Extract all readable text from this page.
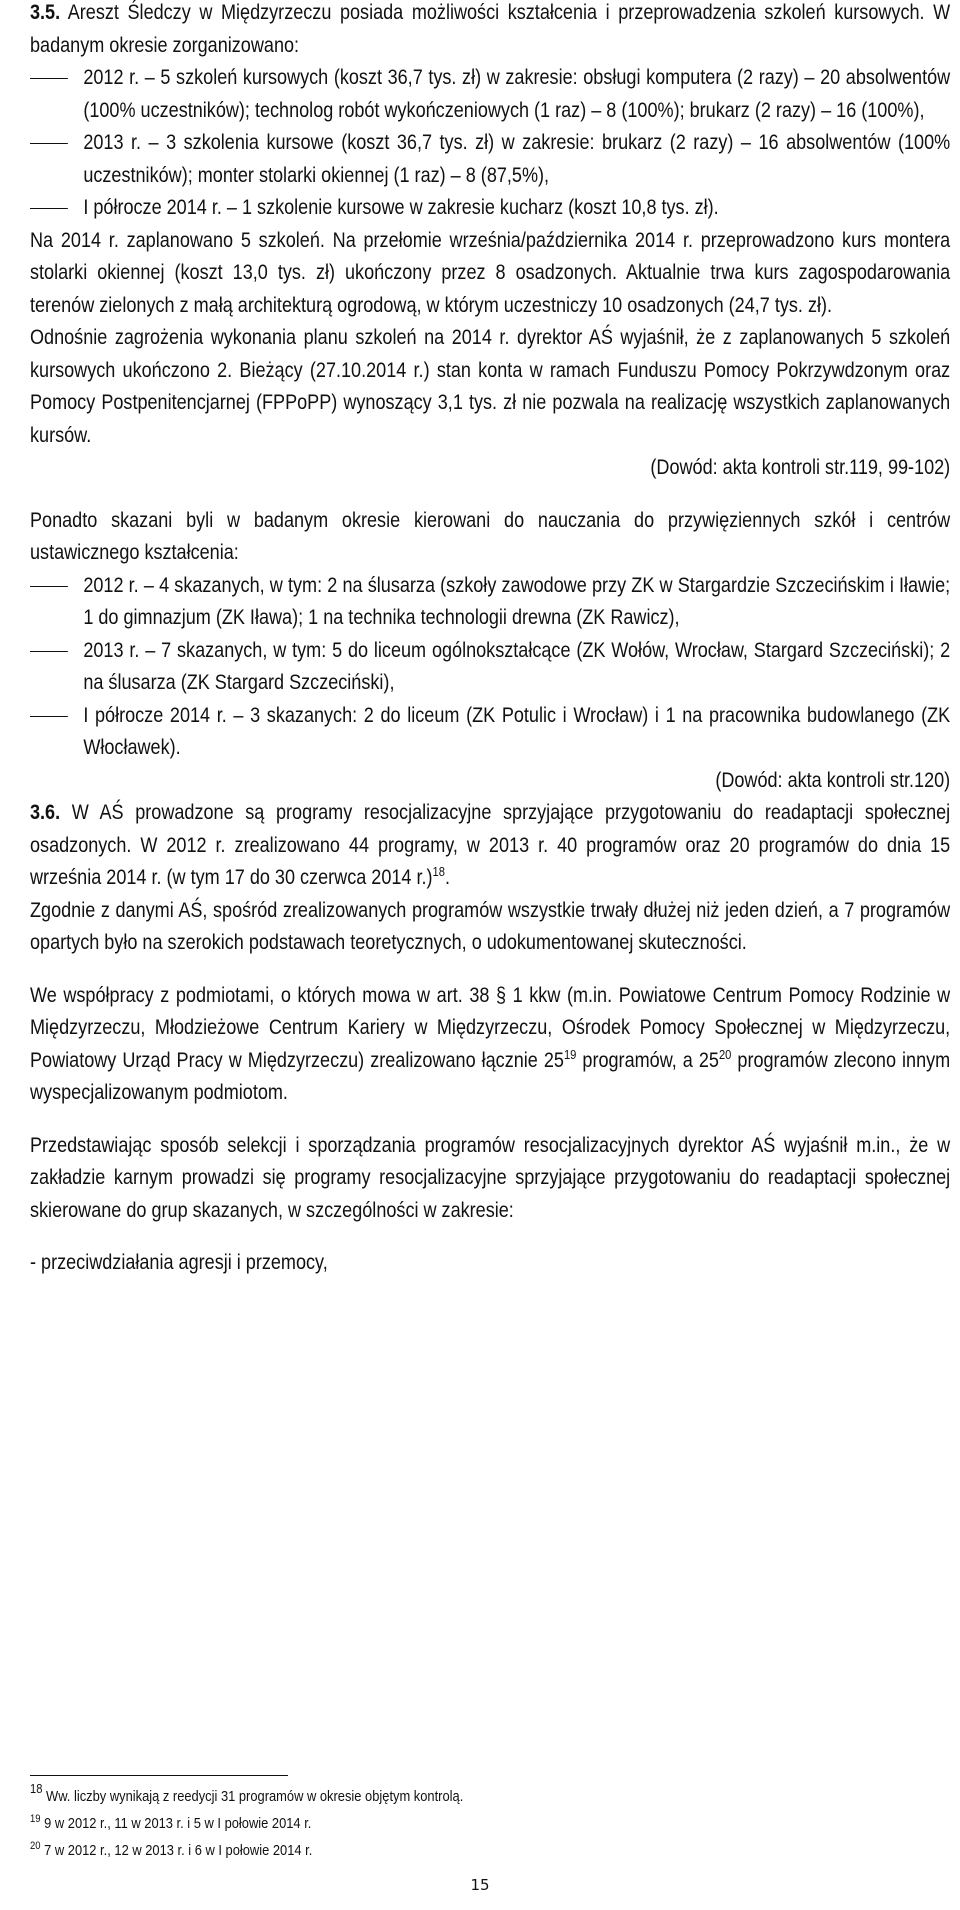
3.5. Areszt Śledczy w Międzyrzeczu posiada możliwości kształcenia i przeprowadzenia szkoleń kursowych. W badanym okresie zorganizowano:

2012 r. – 5 szkoleń kursowych (koszt 36,7 tys. zł) w zakresie: obsługi komputera (2 razy) – 20 absolwentów (100% uczestników); technolog robót wykończeniowych (1 raz) – 8 (100%); brukarz (2 razy) – 16 (100%),

2013 r. – 3 szkolenia kursowe (koszt 36,7 tys. zł) w zakresie: brukarz (2 razy) – 16 absolwentów (100% uczestników); monter stolarki okiennej (1 raz) – 8 (87,5%),

I półrocze 2014 r. – 1 szkolenie kursowe w zakresie kucharz (koszt 10,8 tys. zł).

Na 2014 r. zaplanowano 5 szkoleń. Na przełomie września/października 2014 r. przeprowadzono kurs montera stolarki okiennej (koszt 13,0 tys. zł) ukończony przez 8 osadzonych. Aktualnie trwa kurs zagospodarowania terenów zielonych z małą architekturą ogrodową, w którym uczestniczy 10 osadzonych (24,7 tys. zł).

Odnośnie zagrożenia wykonania planu szkoleń na 2014 r. dyrektor AŚ wyjaśnił, że z zaplanowanych 5 szkoleń kursowych ukończono 2. Bieżący (27.10.2014 r.) stan konta w ramach Funduszu Pomocy Pokrzywdzonym oraz Pomocy Postpenitencjarnej (FPPoPP) wynoszący 3,1 tys. zł nie pozwala na realizację wszystkich zaplanowanych kursów.

(Dowód: akta kontroli str.119, 99-102)

Ponadto skazani byli w badanym okresie kierowani do nauczania do przywięziennych szkół i centrów ustawicznego kształcenia:

2012 r. – 4 skazanych, w tym: 2 na ślusarza (szkoły zawodowe przy ZK w Stargardzie Szczecińskim i Iławie; 1 do gimnazjum (ZK Iława); 1 na technika technologii drewna (ZK Rawicz),

2013 r. – 7 skazanych, w tym: 5 do liceum ogólnokształcące (ZK Wołów, Wrocław, Stargard Szczeciński); 2 na ślusarza (ZK Stargard Szczeciński),

I półrocze 2014 r. – 3 skazanych: 2 do liceum (ZK Potulic i Wrocław) i 1 na pracownika budowlanego (ZK Włocławek).

(Dowód: akta kontroli str.120)

3.6. W AŚ prowadzone są programy resocjalizacyjne sprzyjające przygotowaniu do readaptacji społecznej osadzonych. W 2012 r. zrealizowano 44 programy, w 2013 r. 40 programów oraz 20 programów do dnia 15 września 2014 r. (w tym 17 do 30 czerwca 2014 r.)$^{18}$.

Zgodnie z danymi AŚ, spośród zrealizowanych programów wszystkie trwały dłużej niż jeden dzień, a 7 programów opartych było na szerokich podstawach teoretycznych, o udokumentowanej skuteczności.

We współpracy z podmiotami, o których mowa w art. 38 § 1 kkw (m.in. Powiatowe Centrum Pomocy Rodzinie w Międzyrzeczu, Młodzieżowe Centrum Kariery w Międzyrzeczu, Ośrodek Pomocy Społecznej w Międzyrzeczu, Powiatowy Urząd Pracy w Międzyrzeczu) zrealizowano łącznie $25^{19}$ programów, a $25^{20}$ programów zlecono innym wyspecjalizowanym podmiotom.

Przedstawiając sposób selekcji i sporządzania programów resocjalizacyjnych dyrektor AŚ wyjaśnił m.in., że w zakładzie karnym prowadzi się programy resocjalizacyjne sprzyjające przygotowaniu do readaptacji społecznej skierowane do grup skazanych, w szczególności w zakresie:

- przeciwdziałania agresji i przemocy,

18 Ww. liczby wynikają z reedycji 31 programów w okresie objętym kontrolą.

$^{19}$ 9 w 2012 r., 11 w 2013 r. i 5 w I połowie 2014 r.

$^{20}$ 7 w 2012 r., 12 w 2013 r. i 6 w I połowie 2014 r.

15
